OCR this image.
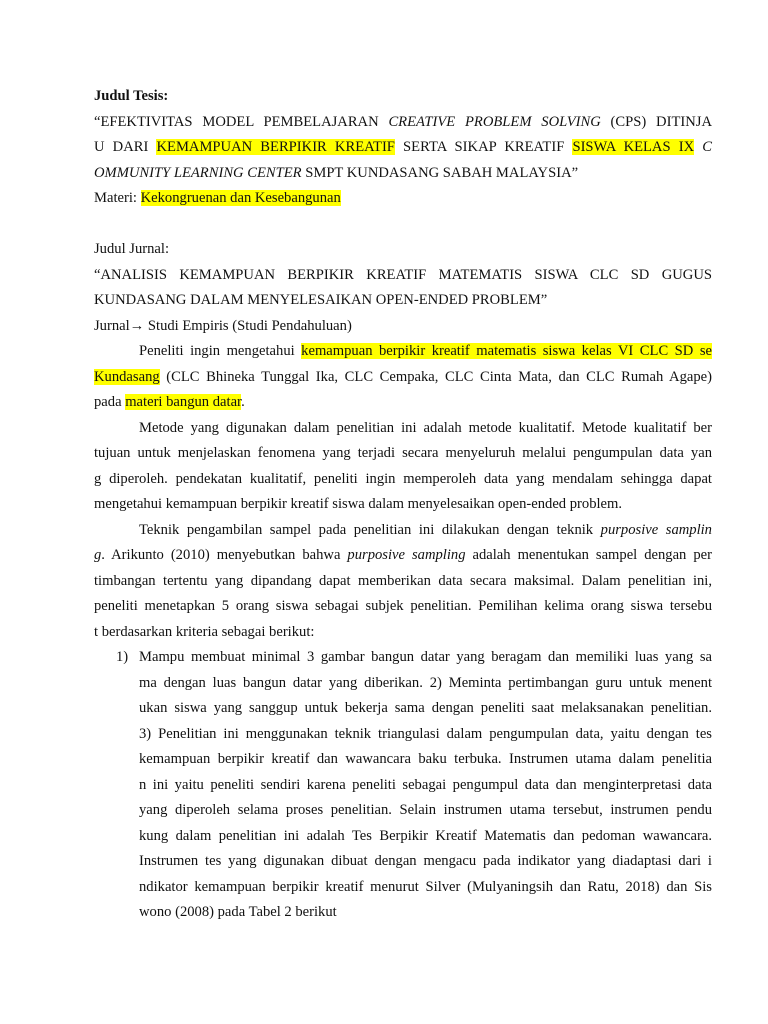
Judul Tesis:
“EFEKTIVITAS MODEL PEMBELAJARAN CREATIVE PROBLEM SOLVING (CPS) DITINJA
U DARI KEMAMPUAN BERPIKIR KREATIF SERTA SIKAP KREATIF SISWA KELAS IX C
OMMUNITY LEARNING CENTER SMPT KUNDASANG SABAH MALAYSIA”
Materi: Kekongruenan dan Kesebangunan
Judul Jurnal:
“ANALISIS KEMAMPUAN BERPIKIR KREATIF MATEMATIS SISWA CLC SD GUGUS
KUNDASANG DALAM MENYELESAIKAN OPEN-ENDED PROBLEM”
Jurnal→ Studi Empiris (Studi Pendahuluan)
Peneliti ingin mengetahui kemampuan berpikir kreatif matematis siswa kelas VI CLC SD se
Kundasang (CLC Bhineka Tunggal Ika, CLC Cempaka, CLC Cinta Mata, dan CLC Rumah Agape)
pada materi bangun datar.
Metode yang digunakan dalam penelitian ini adalah metode kualitatif. Metode kualitatif ber
tujuan untuk menjelaskan fenomena yang terjadi secara menyeluruh melalui pengumpulan data yan
g diperoleh. pendekatan kualitatif, peneliti ingin memperoleh data yang mendalam sehingga dapat
mengetahui kemampuan berpikir kreatif siswa dalam menyelesaikan open-ended problem.
Teknik pengambilan sampel pada penelitian ini dilakukan dengan teknik purposive samplin
g. Arikunto (2010) menyebutkan bahwa purposive sampling adalah menentukan sampel dengan per
timbangan tertentu yang dipandang dapat memberikan data secara maksimal. Dalam penelitian ini,
peneliti menetapkan 5 orang siswa sebagai subjek penelitian. Pemilihan kelima orang siswa tersebu
t berdasarkan kriteria sebagai berikut:
1) Mampu membuat minimal 3 gambar bangun datar yang beragam dan memiliki luas yang sa
ma dengan luas bangun datar yang diberikan. 2) Meminta pertimbangan guru untuk menent
ukan siswa yang sanggup untuk bekerja sama dengan peneliti saat melaksanakan penelitian.
3) Penelitian ini menggunakan teknik triangulasi dalam pengumpulan data, yaitu dengan tes
kemampuan berpikir kreatif dan wawancara baku terbuka. Instrumen utama dalam penelitia
n ini yaitu peneliti sendiri karena peneliti sebagai pengumpul data dan menginterpretasi data
yang diperoleh selama proses penelitian. Selain instrumen utama tersebut, instrumen pendu
kung dalam penelitian ini adalah Tes Berpikir Kreatif Matematis dan pedoman wawancara.
Instrumen tes yang digunakan dibuat dengan mengacu pada indikator yang diadaptasi dari i
ndikator kemampuan berpikir kreatif menurut Silver (Mulyaningsih dan Ratu, 2018) dan Sis
wono (2008) pada Tabel 2 berikut
